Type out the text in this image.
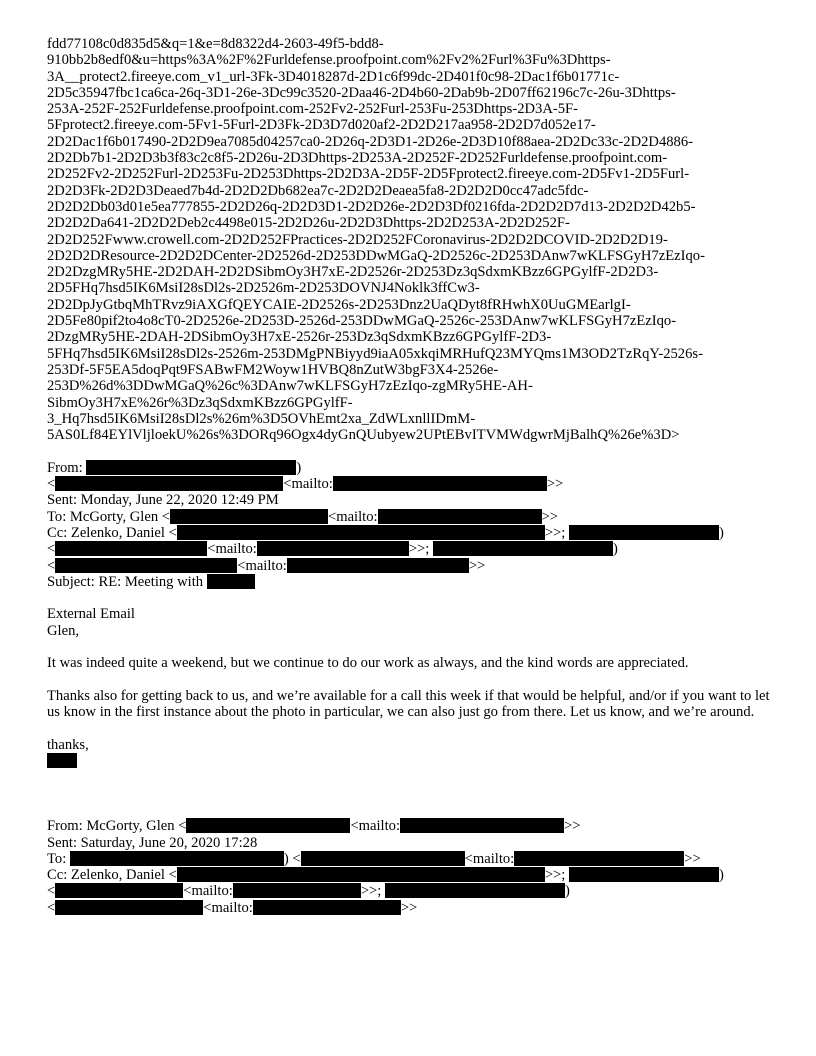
fdd77108c0d835d5&q=1&e=8d8322d4-2603-49f5-bdd8-
910bb2b8edf0&u=https%3A%2F%2Furldefense.proofpoint.com%2Fv2%2Furl%3Fu%3Dhttps-
3A__protect2.fireeye.com_v1_url-3Fk-3D4018287d-2D1c6f99dc-2D401f0c98-2Dac1f6b01771c-
2D5c35947fbc1ca6ca-26q-3D1-26e-3Dc99c3520-2Daa46-2D4b60-2Dab9b-2D07ff62196c7c-26u-3Dhttps-
253A-252F-252Furldefense.proofpoint.com-252Fv2-252Furl-253Fu-253Dhttps-2D3A-5F-
5Fprotect2.fireeye.com-5Fv1-5Furl-2D3Fk-2D3D7d020af2-2D2D217aa958-2D2D7d052e17-
2D2Dac1f6b017490-2D2D9ea7085d04257ca0-2D26q-2D3D1-2D26e-2D3D10f88aea-2D2Dc33c-2D2D4886-
2D2Db7b1-2D2D3b3f83c2c8f5-2D26u-2D3Dhttps-2D253A-2D252F-2D252Furldefense.proofpoint.com-
2D252Fv2-2D252Furl-2D253Fu-2D253Dhttps-2D2D3A-2D5F-2D5Fprotect2.fireeye.com-2D5Fv1-2D5Furl-
2D2D3Fk-2D2D3Deaed7b4d-2D2D2Db682ea7c-2D2D2Deaea5fa8-2D2D2D0cc47adc5fdc-
2D2D2Db03d01e5ea777855-2D2D26q-2D2D3D1-2D2D26e-2D2D3Df0216fda-2D2D2D7d13-2D2D2D42b5-
2D2D2Da641-2D2D2Deb2c4498e015-2D2D26u-2D2D3Dhttps-2D2D253A-2D2D252F-
2D2D252Fwww.crowell.com-2D2D252FPractices-2D2D252FCoronavirus-2D2D2DCOVID-2D2D2D19-
2D2D2DResource-2D2D2DCenter-2D2526d-2D253DDwMGaQ-2D2526c-2D253DAnw7wKLFSGyH7zEzIqo-
2D2DzgMRy5HE-2D2DAH-2D2DSibmOy3H7xE-2D2526r-2D253Dz3qSdxmKBzz6GPGylfF-2D2D3-
2D5FHq7hsd5IK6MsiI28sDl2s-2D2526m-2D253DOVNJ4Noklk3ffCw3-
2D2DpJyGtbqMhTRvz9iAXGfQEYCAIE-2D2526s-2D253Dnz2UaQDyt8fRHwhX0UuGMEarlgI-
2D5Fe80pif2to4o8cT0-2D2526e-2D253D-2526d-253DDwMGaQ-2526c-253DAnw7wKLFSGyH7zEzIqo-
2DzgMRy5HE-2DAH-2DSibmOy3H7xE-2526r-253Dz3qSdxmKBzz6GPGylfF-2D3-
5FHq7hsd5IK6MsiI28sDl2s-2526m-253DMgPNBiyyd9iaA05xkqiMRHufQ23MYQms1M3OD2TzRqY-2526s-
253Df-5F5EA5doqPqt9FSABwFM2Woyw1HVBQ8nZutW3bgF3X4-2526e-
253D%26d%3DDwMGaQ%26c%3DAnw7wKLFSGyH7zEzIqo-zgMRy5HE-AH-
SibmOy3H7xE%26r%3Dz3qSdxmKBzz6GPGylfF-
3_Hq7hsd5IK6MsiI28sDl2s%26m%3D5OVhEmt2xa_ZdWLxnllIDmM-
5AS0Lf84EYlVljloekU%26s%3DORq96Ogx4dyGnQUubyew2UPtEBvITVMWdgwrMjBalhQ%26e%3D>
From:	)
<	<mailto:	>>
Sent: Monday, June 22, 2020 12:49 PM
To: McGorty, Glen <	<mailto:	>>
Cc: Zelenko, Daniel <	>>;	)
<	<mailto:	>>;	)
<	<mailto:	>>
Subject: RE: Meeting with
External Email
Glen,
It was indeed quite a weekend, but we continue to do our work as always, and the kind words are appreciated.
Thanks also for getting back to us, and we’re available for a call this week if that would be helpful, and/or if you want to let us know in the first instance about the photo in particular, we can also just go from there. Let us know, and we’re around.
thanks,
From: McGorty, Glen <	<mailto:	>>
Sent: Saturday, June 20, 2020 17:28
To:	) <	<mailto:	>>
Cc: Zelenko, Daniel <	>>;	)
<	<mailto:	>>;	)
<	<mailto:	>>
